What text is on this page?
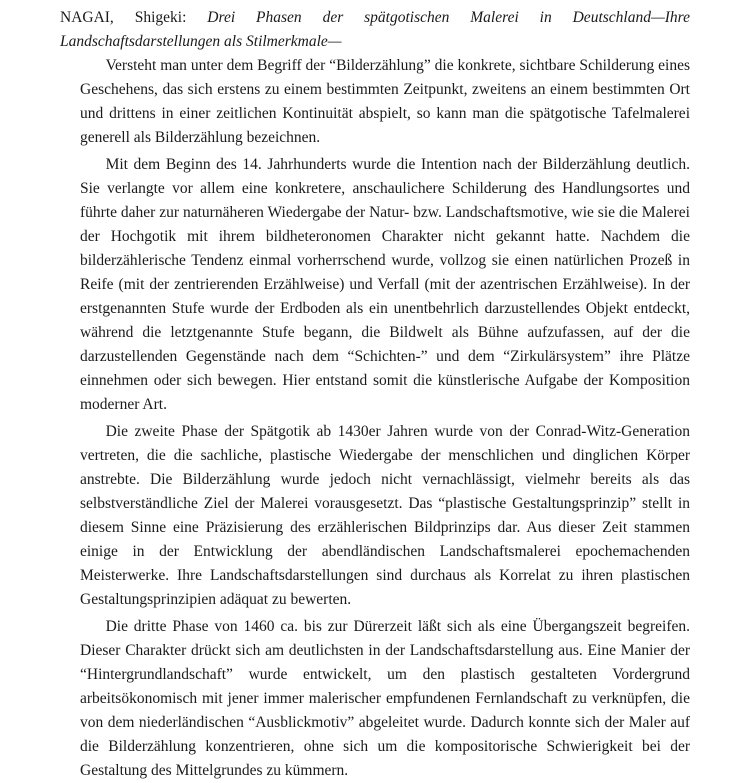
NAGAI, Shigeki: Drei Phasen der spätgotischen Malerei in Deutschland—Ihre Landschaftsdarstellungen als Stilmerkmale—

Versteht man unter dem Begriff der “Bilderzählung” die konkrete, sichtbare Schilderung eines Geschehens, das sich erstens zu einem bestimmten Zeitpunkt, zweitens an einem bestimmten Ort und drittens in einer zeitlichen Kontinuität abspielt, so kann man die spätgotische Tafelmalerei generell als Bilderzählung bezeichnen.

Mit dem Beginn des 14. Jahrhunderts wurde die Intention nach der Bilderzählung deutlich. Sie verlangte vor allem eine konkretere, anschaulichere Schilderung des Handlungsortes und führte daher zur naturnäheren Wiedergabe der Natur- bzw. Landschaftsmotive, wie sie die Malerei der Hochgotik mit ihrem bildheteronomen Charakter nicht gekannt hatte. Nachdem die bilderzählerische Tendenz einmal vorherrschend wurde, vollzog sie einen natürlichen Prozeß in Reife (mit der zentrierenden Erzählweise) und Verfall (mit der azentrischen Erzählweise). In der erstgenannten Stufe wurde der Erdboden als ein unentbehrlich darzustellendes Objekt entdeckt, während die letztgenannte Stufe begann, die Bildwelt als Bühne aufzufassen, auf der die darzustellenden Gegenstände nach dem “Schichten-” und dem “Zirkulärsystem” ihre Plätze einnehmen oder sich bewegen. Hier entstand somit die künstlerische Aufgabe der Komposition moderner Art.

Die zweite Phase der Spätgotik ab 1430er Jahren wurde von der Conrad-Witz-Generation vertreten, die die sachliche, plastische Wiedergabe der menschlichen und dinglichen Körper anstrebte. Die Bilderzählung wurde jedoch nicht vernachlässigt, vielmehr bereits als das selbstverständliche Ziel der Malerei vorausgesetzt. Das “plastische Gestaltungsprinzip” stellt in diesem Sinne eine Präzisierung des erzählerischen Bildprinzips dar. Aus dieser Zeit stammen einige in der Entwicklung der abendländischen Landschaftsmalerei epochemachenden Meisterwerke. Ihre Landschaftsdarstellungen sind durchaus als Korrelat zu ihren plastischen Gestaltungsprinzipien adäquat zu bewerten.

Die dritte Phase von 1460 ca. bis zur Dürerzeit läßt sich als eine Übergangszeit begreifen. Dieser Charakter drückt sich am deutlichsten in der Landschaftsdarstellung aus. Eine Manier der “Hintergrundlandschaft” wurde entwickelt, um den plastisch gestalteten Vordergrund arbeitsökonomisch mit jener immer malerischer empfundenen Fernlandschaft zu verknüpfen, die von dem niederländischen “Ausblickmotiv” abgeleitet wurde. Dadurch konnte sich der Maler auf die Bilderzählung konzentrieren, ohne sich um die kompositorische Schwierigkeit bei der Gestaltung des Mittelgrundes zu kümmern.
